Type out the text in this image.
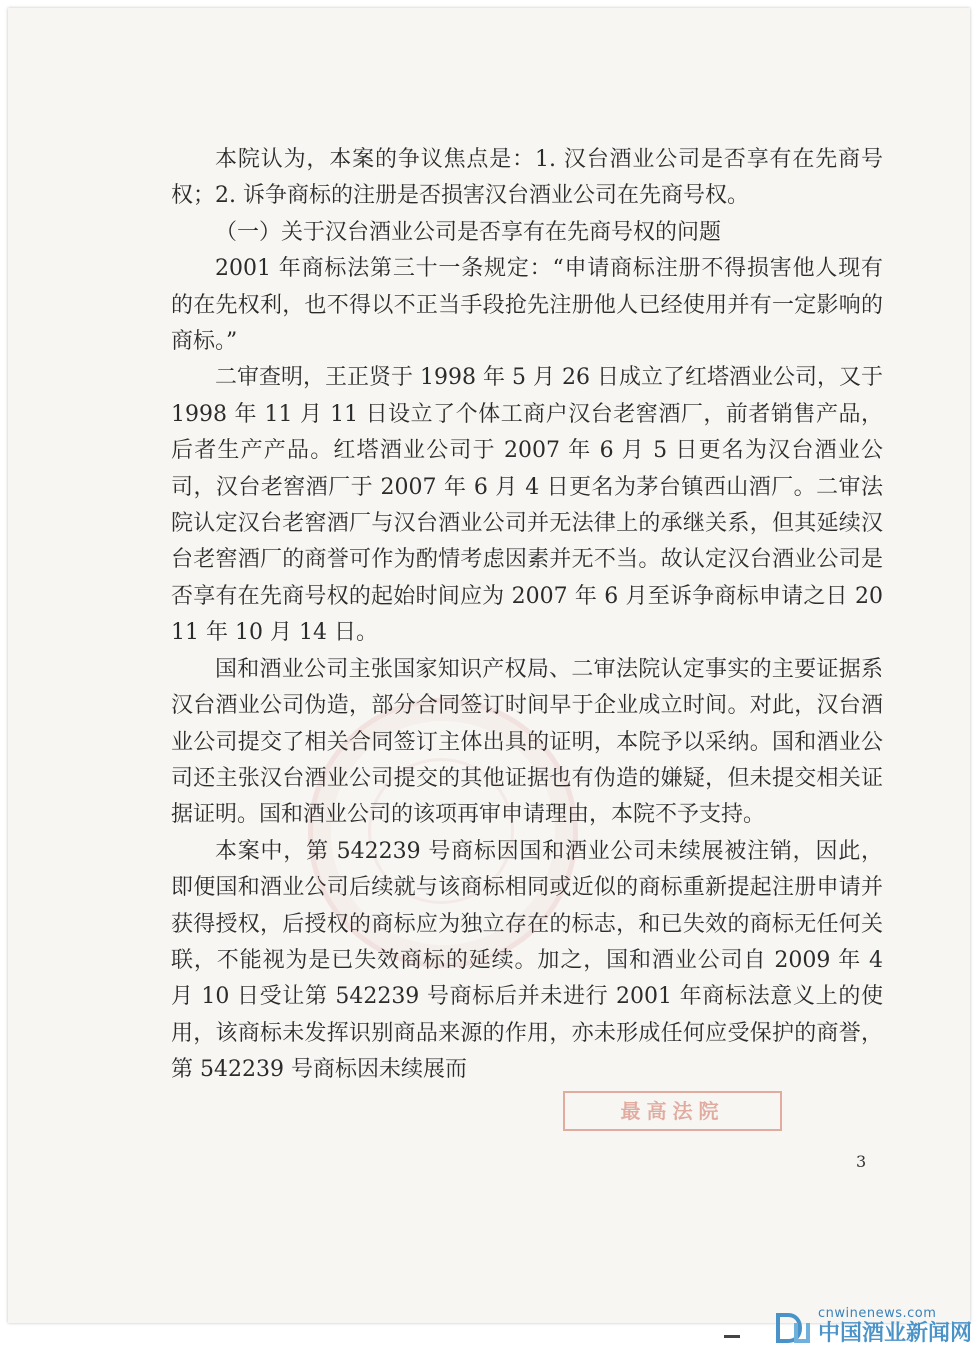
最高法院

本院认为，本案的争议焦点是：1. 汉台酒业公司是否享有在先商号权；2. 诉争商标的注册是否损害汉台酒业公司在先商号权。

（一）关于汉台酒业公司是否享有在先商号权的问题

2001 年商标法第三十一条规定：“申请商标注册不得损害他人现有的在先权利，也不得以不正当手段抢先注册他人已经使用并有一定影响的商标。”

二审查明，王正贤于 1998 年 5 月 26 日成立了红塔酒业公司，又于 1998 年 11 月 11 日设立了个体工商户汉台老窖酒厂，前者销售产品，后者生产产品。红塔酒业公司于 2007 年 6 月 5 日更名为汉台酒业公司，汉台老窖酒厂于 2007 年 6 月 4 日更名为茅台镇西山酒厂。二审法院认定汉台老窖酒厂与汉台酒业公司并无法律上的承继关系，但其延续汉台老窖酒厂的商誉可作为酌情考虑因素并无不当。故认定汉台酒业公司是否享有在先商号权的起始时间应为 2007 年 6 月至诉争商标申请之日 2011 年 10 月 14 日。

国和酒业公司主张国家知识产权局、二审法院认定事实的主要证据系汉台酒业公司伪造，部分合同签订时间早于企业成立时间。对此，汉台酒业公司提交了相关合同签订主体出具的证明，本院予以采纳。国和酒业公司还主张汉台酒业公司提交的其他证据也有伪造的嫌疑，但未提交相关证据证明。国和酒业公司的该项再审申请理由，本院不予支持。

本案中，第 542239 号商标因国和酒业公司未续展被注销，因此，即便国和酒业公司后续就与该商标相同或近似的商标重新提起注册申请并获得授权，后授权的商标应为独立存在的标志，和已失效的商标无任何关联，不能视为是已失效商标的延续。加之，国和酒业公司自 2009 年 4 月 10 日受让第 542239 号商标后并未进行 2001 年商标法意义上的使用，该商标未发挥识别商品来源的作用，亦未形成任何应受保护的商誉，第 542239 号商标因未续展而

3
cnwinenews.com
中国酒业新闻网
